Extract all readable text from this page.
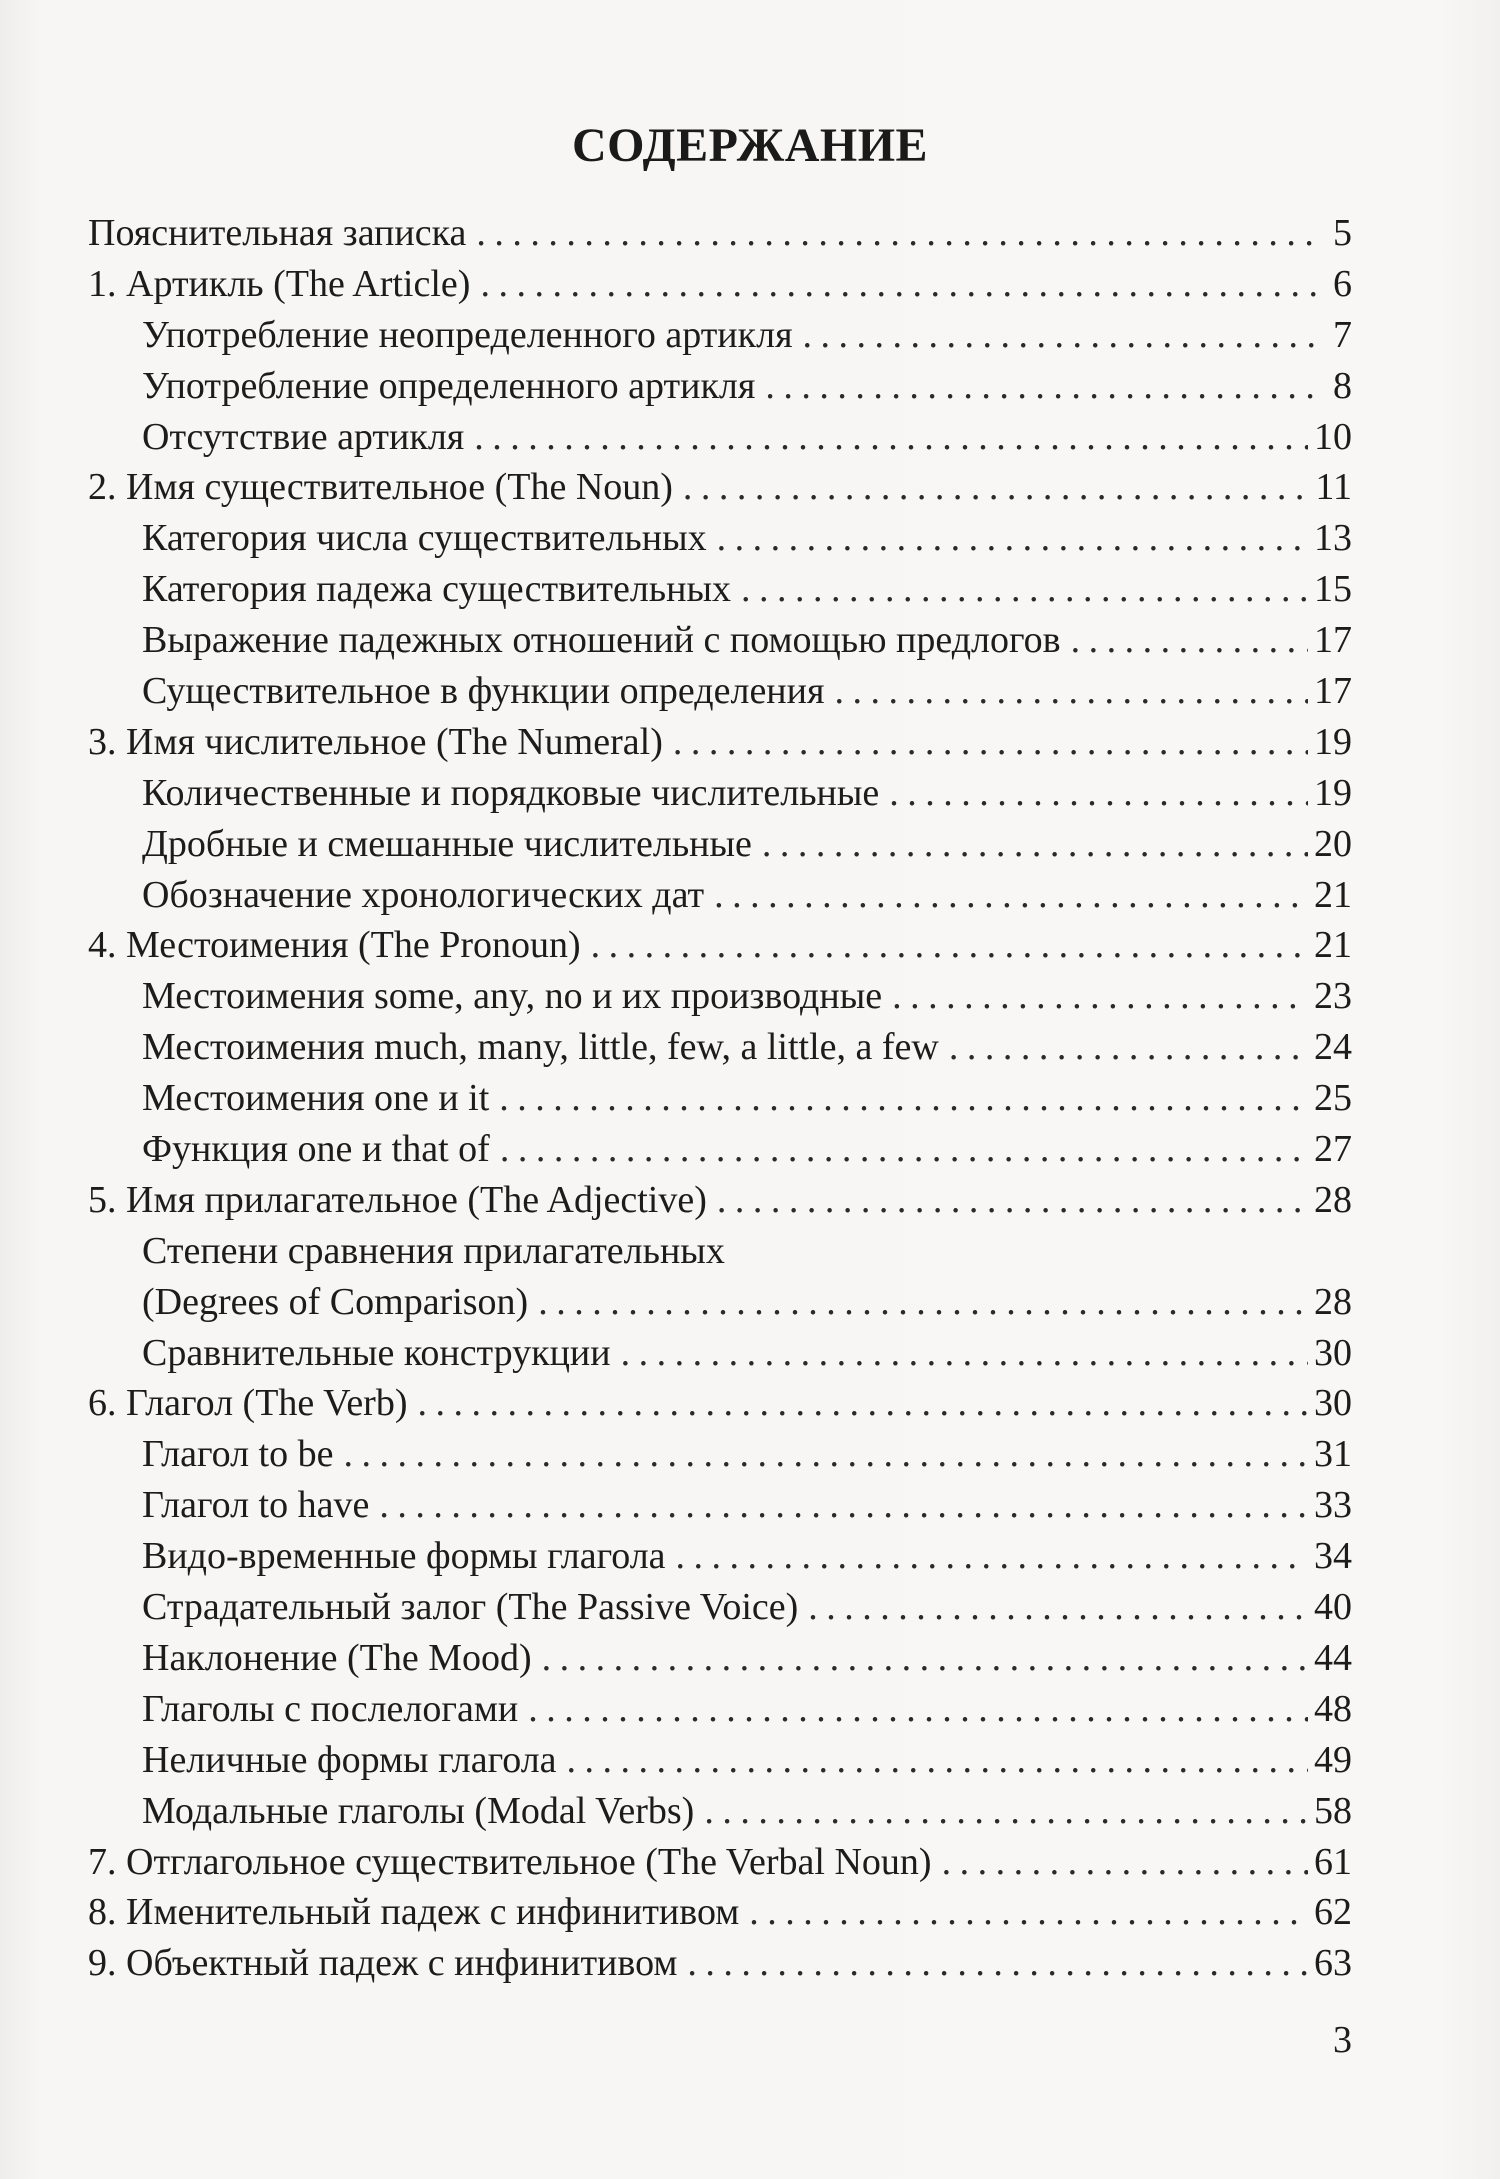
СОДЕРЖАНИЕ
Пояснительная записка . . .	5
1. Артикль (The Article) . . .	6
Употребление неопределенного артикля . . .	7
Употребление определенного артикля . . .	8
Отсутствие артикля . . .	10
2. Имя существительное (The Noun) . . .	11
Категория числа существительных . . .	13
Категория падежа существительных . . .	15
Выражение падежных отношений с помощью предлогов . . .	17
Существительное в функции определения . . .	17
3. Имя числительное (The Numeral) . . .	19
Количественные и порядковые числительные . . .	19
Дробные и смешанные числительные . . .	20
Обозначение хронологических дат . . .	21
4. Местоимения (The Pronoun) . . .	21
Местоимения some, any, no и их производные . . .	23
Местоимения much, many, little, few, a little, a few . . .	24
Местоимения one и it . . .	25
Функция one и that of . . .	27
5. Имя прилагательное (The Adjective) . . .	28
Степени сравнения прилагательных
(Degrees of Comparison) . . .	28
Сравнительные конструкции . . .	30
6. Глагол (The Verb) . . .	30
Глагол to be . . .	31
Глагол to have . . .	33
Видо-временные формы глагола . . .	34
Страдательный залог (The Passive Voice) . . .	40
Наклонение (The Mood) . . .	44
Глаголы с послелогами . . .	48
Неличные формы глагола . . .	49
Модальные глаголы (Modal Verbs) . . .	58
7. Отглагольное существительное (The Verbal Noun) . . .	61
8. Именительный падеж с инфинитивом . . .	62
9. Объектный падеж с инфинитивом . . .	63
3
